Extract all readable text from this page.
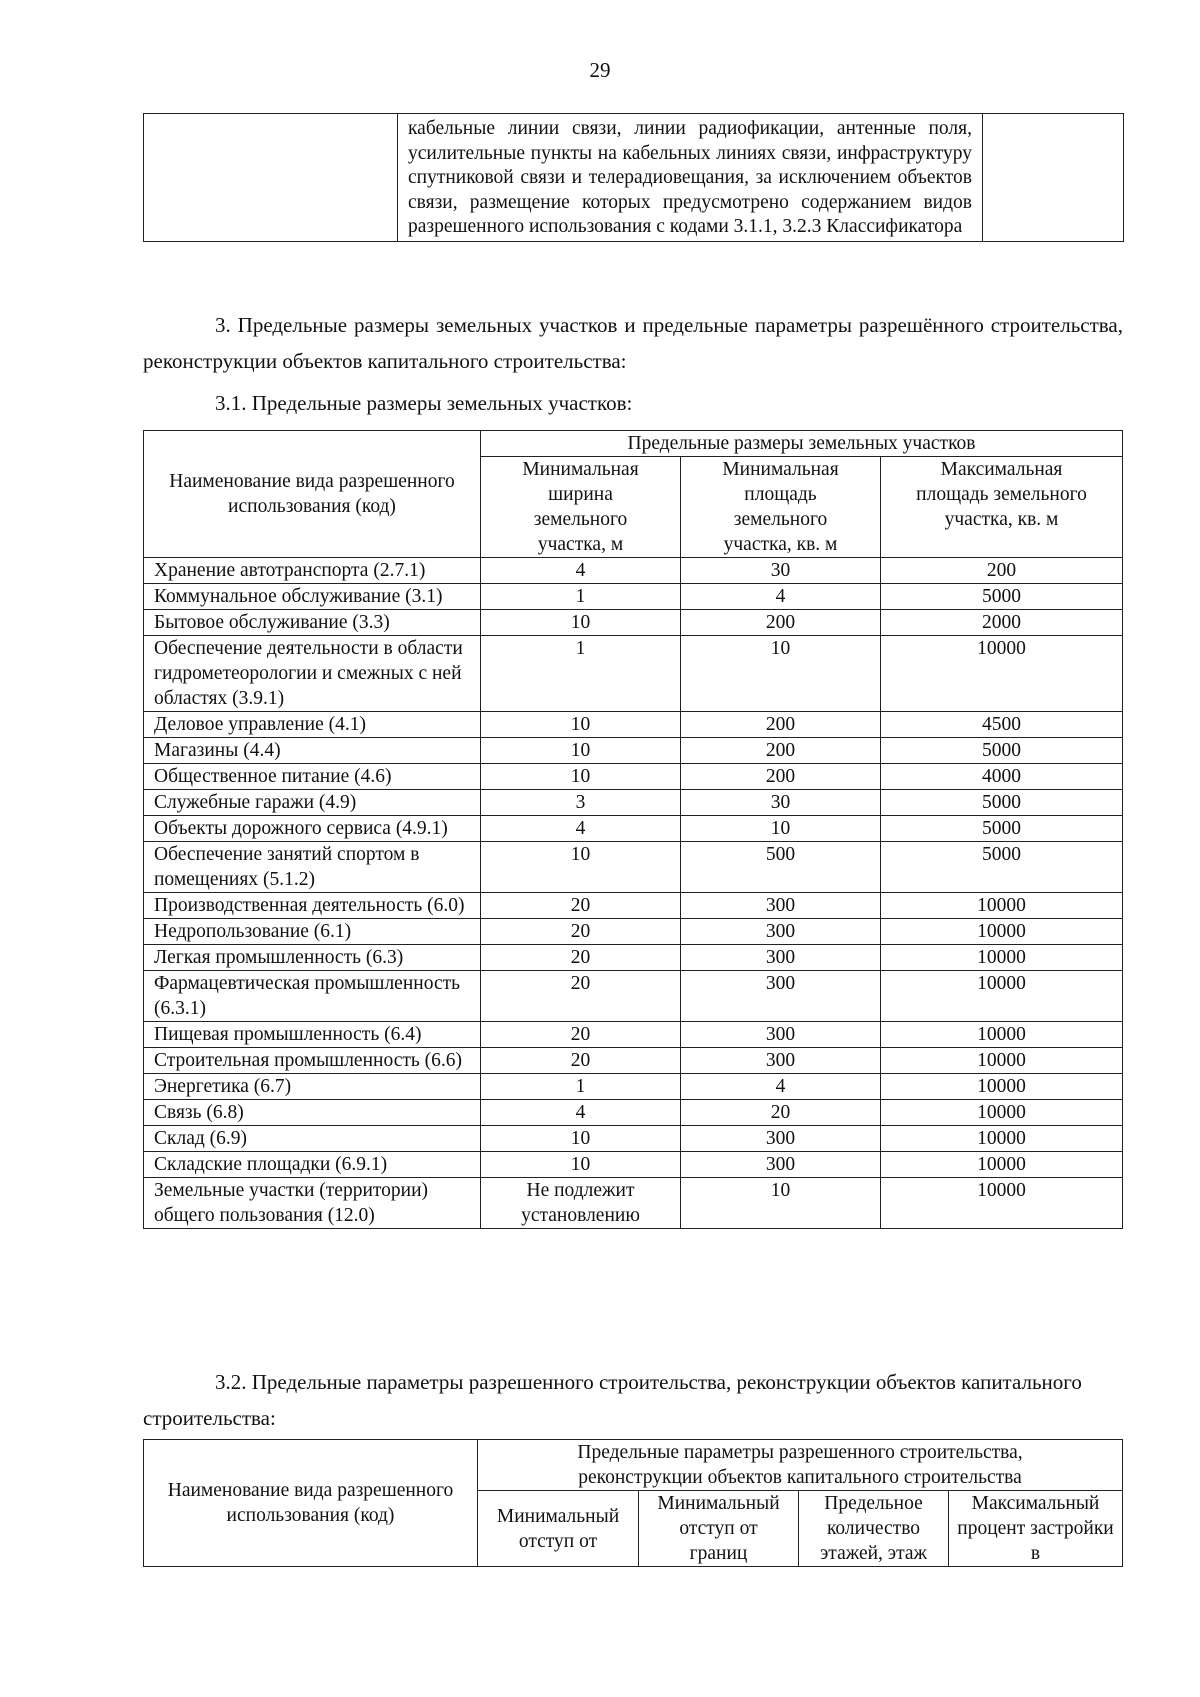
29

кабельные линии связи, линии радиофикации, антенные поля, усилительные пункты на кабельных линиях связи, инфраструктуру спутниковой связи и телерадиовещания, за исключением объектов связи, размещение которых предусмотрено содержанием видов разрешенного использования с кодами 3.1.1, 3.2.3 Классификатора

3. Предельные размеры земельных участков и предельные параметры разрешённого строительства, реконструкции объектов капитального строительства:
3.1. Предельные размеры земельных участков:
Наименование вида разрешенного использования (код)	Предельные размеры земельных участков		
	Минимальная ширина земельного участка, м	Минимальная площадь земельного участка, кв. м	Максимальная площадь земельного участка, кв. м
Хранение автотранспорта (2.7.1)	4	30	200
Коммунальное обслуживание (3.1)	1	4	5000
Бытовое обслуживание (3.3)	10	200	2000
Обеспечение деятельности в области гидрометеорологии и смежных с ней областях (3.9.1)	1	10	10000
Деловое управление (4.1)	10	200	4500
Магазины (4.4)	10	200	5000
Общественное питание (4.6)	10	200	4000
Служебные гаражи (4.9)	3	30	5000
Объекты дорожного сервиса (4.9.1)	4	10	5000
Обеспечение занятий спортом в помещениях (5.1.2)	10	500	5000
Производственная деятельность (6.0)	20	300	10000
Недропользование (6.1)	20	300	10000
Легкая промышленность (6.3)	20	300	10000
Фармацевтическая промышленность (6.3.1)	20	300	10000
Пищевая промышленность (6.4)	20	300	10000
Строительная промышленность (6.6)	20	300	10000
Энергетика (6.7)	1	4	10000
Связь (6.8)	4	20	10000
Склад (6.9)	10	300	10000
Складские площадки (6.9.1)	10	300	10000
Земельные участки (территории) общего пользования (12.0)	Не подлежит установлению	10	10000
3.2. Предельные параметры разрешенного строительства, реконструкции объектов капитального строительства:
Наименование вида разрешенного использования (код)	Предельные параметры разрешенного строительства, реконструкции объектов капитального строительства			
	Минимальный отступ от	Минимальный отступ от границ	Предельное количество этажей, этаж	Максимальный процент застройки в
